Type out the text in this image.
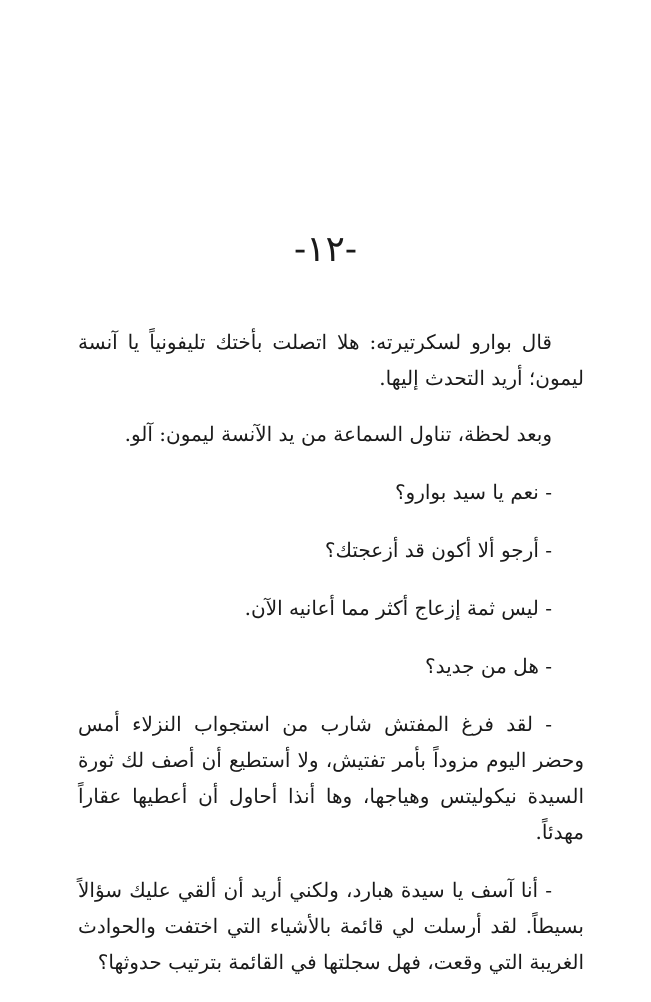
-١٢-

قال بوارو لسكرتيرته: هلا اتصلت بأختك تليفونياً يا آنسة ليمون؛ أريد التحدث إليها.

وبعد لحظة، تناول السماعة من يد الآنسة ليمون: آلو.

- نعم يا سيد بوارو؟

- أرجو ألا أكون قد أزعجتك؟

- ليس ثمة إزعاج أكثر مما أعانيه الآن.

- هل من جديد؟

- لقد فرغ المفتش شارب من استجواب النزلاء أمس وحضر اليوم مزوداً بأمر تفتيش، ولا أستطيع أن أصف لك ثورة السيدة نيكوليتس وهياجها، وها أنذا أحاول أن أعطيها عقاراً مهدئاً.

- أنا آسف يا سيدة هبارد، ولكني أريد أن ألقي عليك سؤالاً بسيطاً. لقد أرسلت لي قائمة بالأشياء التي اختفت والحوادث الغريبة التي وقعت، فهل سجلتها في القائمة بترتيب حدوثها؟
